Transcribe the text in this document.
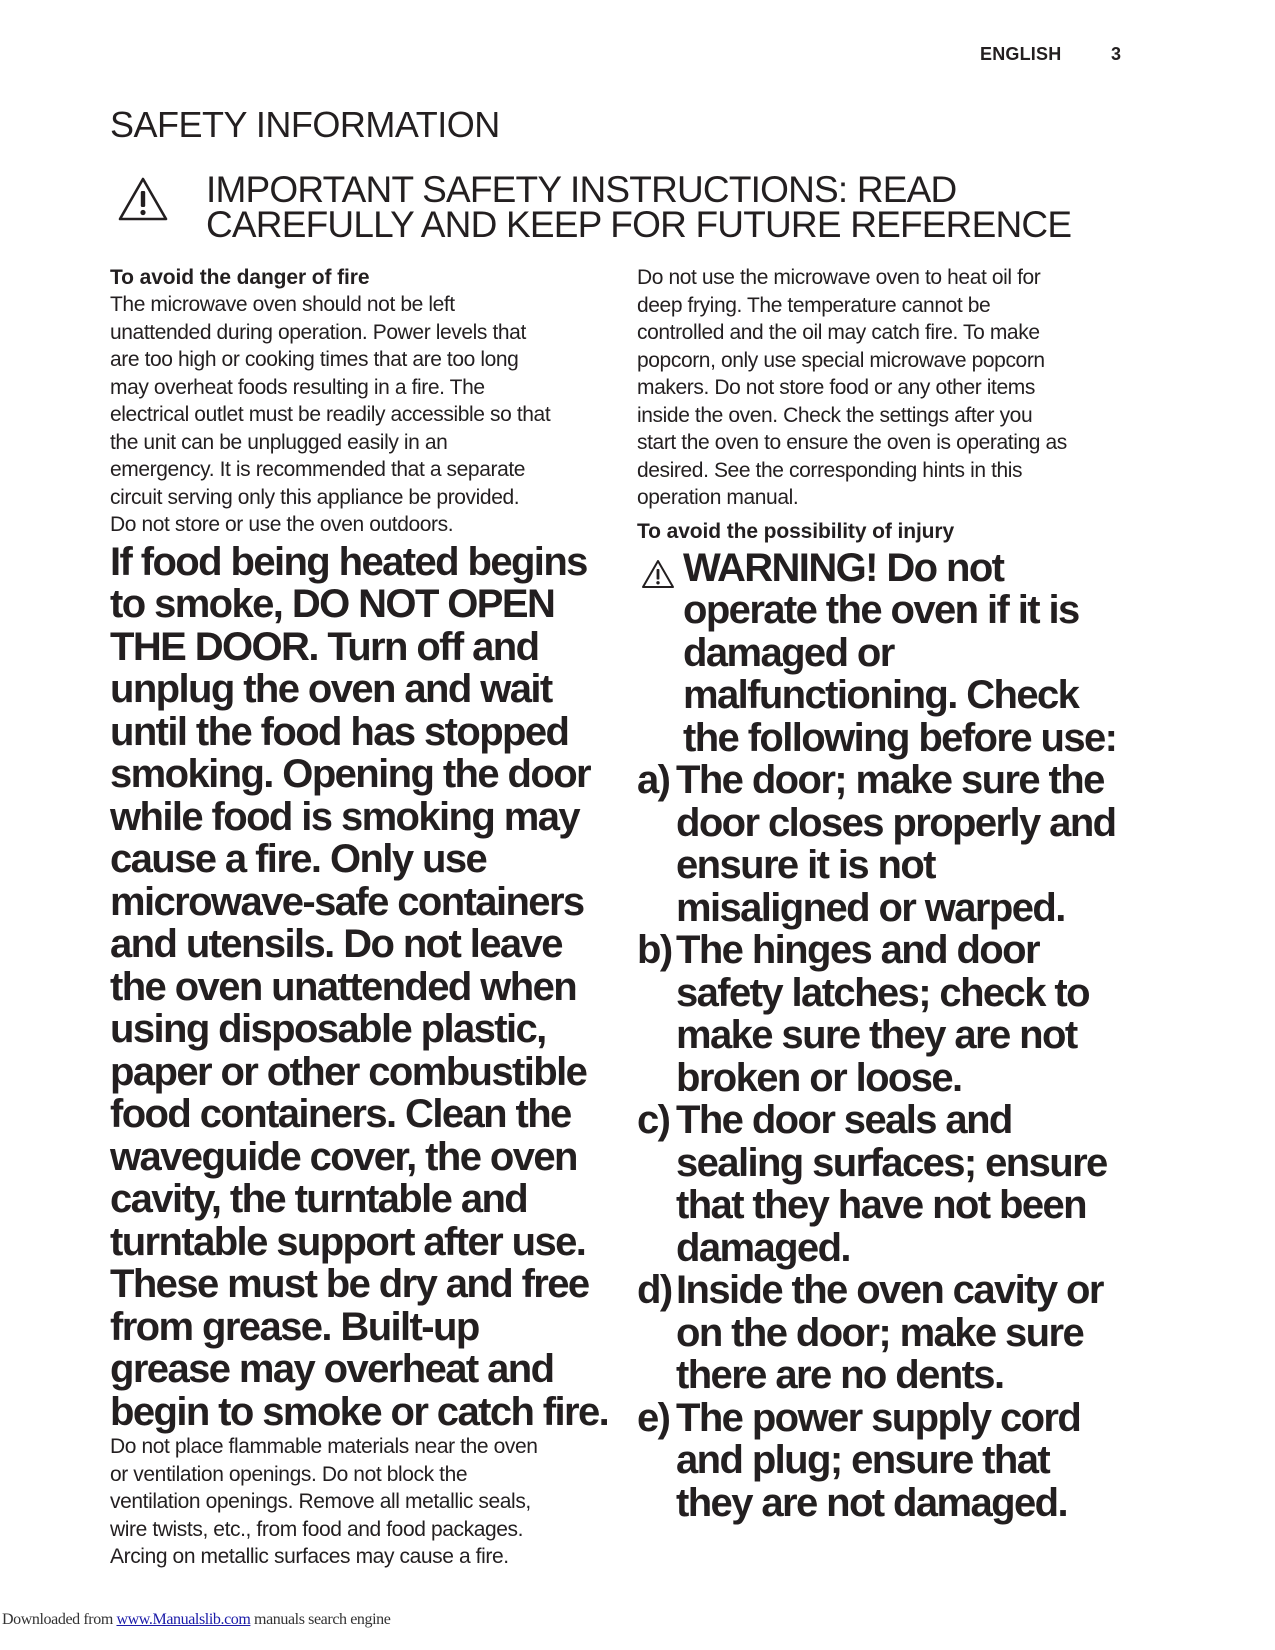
ENGLISH	3
SAFETY INFORMATION
IMPORTANT SAFETY INSTRUCTIONS: READ CAREFULLY AND KEEP FOR FUTURE REFERENCE

To avoid the danger of fire

The microwave oven should not be left
unattended during operation. Power levels that
are too high or cooking times that are too long
may overheat foods resulting in a fire. The
electrical outlet must be readily accessible so that
the unit can be unplugged easily in an
emergency. It is recommended that a separate
circuit serving only this appliance be provided.
Do not store or use the oven outdoors.

If food being heated begins
to smoke, DO NOT OPEN
THE DOOR. Turn off and
unplug the oven and wait
until the food has stopped
smoking. Opening the door
while food is smoking may
cause a fire. Only use
microwave-safe containers
and utensils. Do not leave
the oven unattended when
using disposable plastic,
paper or other combustible
food containers. Clean the
waveguide cover, the oven
cavity, the turntable and
turntable support after use.
These must be dry and free
from grease. Built-up
grease may overheat and
begin to smoke or catch fire.

Do not place flammable materials near the oven
or ventilation openings. Do not block the
ventilation openings. Remove all metallic seals,
wire twists, etc., from food and food packages.
Arcing on metallic surfaces may cause a fire.

Do not use the microwave oven to heat oil for
deep frying. The temperature cannot be
controlled and the oil may catch fire. To make
popcorn, only use special microwave popcorn
makers. Do not store food or any other items
inside the oven. Check the settings after you
start the oven to ensure the oven is operating as
desired. See the corresponding hints in this
operation manual.

To avoid the possibility of injury

WARNING! Do not
operate the oven if it is
damaged or
malfunctioning. Check
the following before use:

a) The door; make sure the
door closes properly and
ensure it is not
misaligned or warped.

b) The hinges and door
safety latches; check to
make sure they are not
broken or loose.

c) The door seals and
sealing surfaces; ensure
that they have not been
damaged.

d) Inside the oven cavity or
on the door; make sure
there are no dents.

e) The power supply cord
and plug; ensure that
they are not damaged.

Downloaded from www.Manualslib.com manuals search engine
